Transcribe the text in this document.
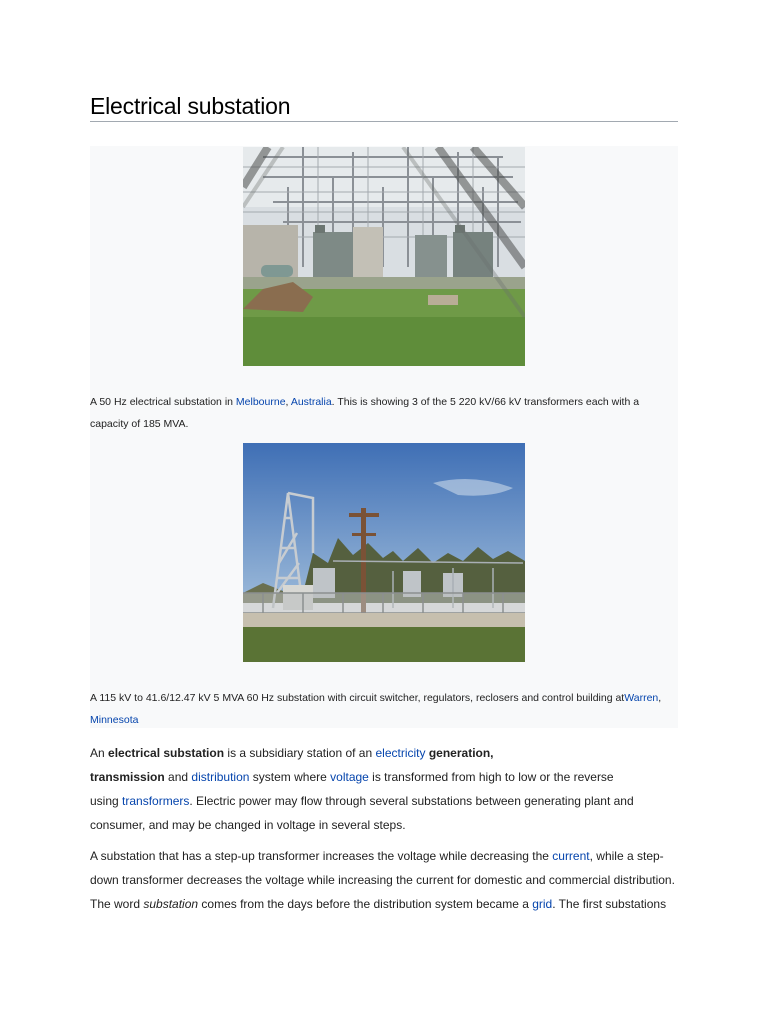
Electrical substation
A 50 Hz electrical substation in Melbourne, Australia. This is showing 3 of the 5 220 kV/66 kV transformers each with a
capacity of 185 MVA.
A 115 kV to 41.6/12.47 kV 5 MVA 60 Hz substation with circuit switcher, regulators, reclosers and control building atWarren,
Minnesota
An electrical substation is a subsidiary station of an electricity generation,
transmission and distribution system where voltage is transformed from high to low or the reverse
using transformers. Electric power may flow through several substations between generating plant and
consumer, and may be changed in voltage in several steps.
A substation that has a step-up transformer increases the voltage while decreasing the current, while a step-
down transformer decreases the voltage while increasing the current for domestic and commercial distribution.
The word substation comes from the days before the distribution system became a grid. The first substations
